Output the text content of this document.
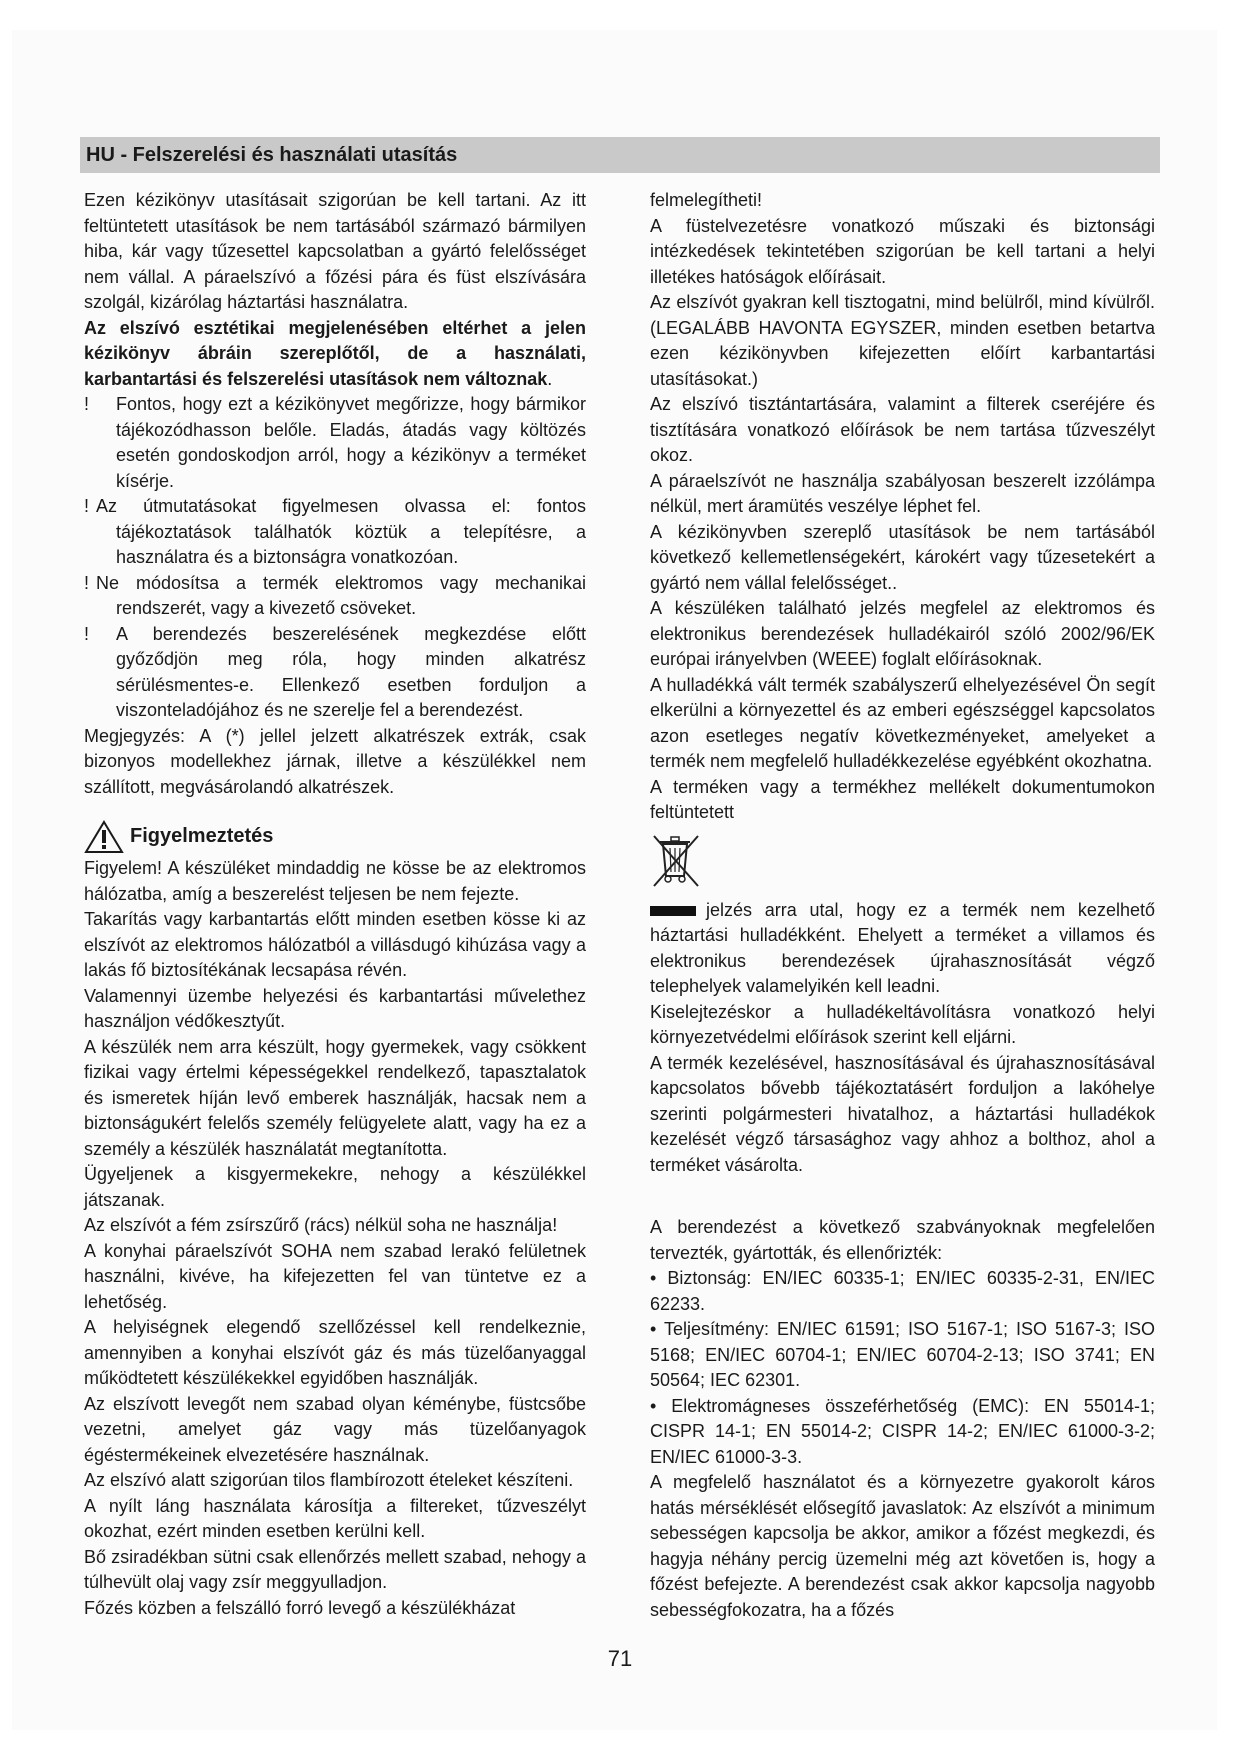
HU - Felszerelési és használati utasítás

Ezen kézikönyv utasításait szigorúan be kell tartani. Az itt feltüntetett utasítások be nem tartásából származó bármilyen hiba, kár vagy tűzesettel kapcsolatban a gyártó felelősséget nem vállal. A páraelszívó a főzési pára és füst elszívására szolgál, kizárólag háztartási használatra.

Az elszívó esztétikai megjelenésében eltérhet a jelen kézikönyv ábráin szereplőtől, de a használati, karbantartási és felszerelési utasítások nem változnak.

!	Fontos, hogy ezt a kézikönyvet megőrizze, hogy bármikor tájékozódhasson belőle. Eladás, átadás vagy költözés esetén gondoskodjon arról, hogy a kézikönyv a terméket kísérje.
! Az útmutatásokat figyelmesen olvassa el: fontos tájékoztatások találhatók köztük a telepítésre, a használatra és a biztonságra vonatkozóan.
! Ne módosítsa a termék elektromos vagy mechanikai rendszerét, vagy a kivezető csöveket.
!	A berendezés beszerelésének megkezdése előtt győződjön meg róla, hogy minden alkatrész sérülésmentes-e. Ellenkező esetben forduljon a viszonteladójához és ne szerelje fel a berendezést.

Megjegyzés: A (*) jellel jelzett alkatrészek extrák, csak bizonyos modellekhez járnak, illetve a készülékkel nem szállított, megvásárolandó alkatrészek.

Figyelmeztetés

Figyelem! A készüléket mindaddig ne kösse be az elektromos hálózatba, amíg a beszerelést teljesen be nem fejezte.

Takarítás vagy karbantartás előtt minden esetben kösse ki az elszívót az elektromos hálózatból a villásdugó kihúzása vagy a lakás fő biztosítékának lecsapása révén.

Valamennyi üzembe helyezési és karbantartási művelethez használjon védőkesztyűt.

A készülék nem arra készült, hogy gyermekek, vagy csökkent fizikai vagy értelmi képességekkel rendelkező, tapasztalatok és ismeretek híján levő emberek használják, hacsak nem a biztonságukért felelős személy felügyelete alatt, vagy ha ez a személy a készülék használatát megtanította.

Ügyeljenek a kisgyermekekre, nehogy a készülékkel játszanak.

Az elszívót a fém zsírszűrő (rács) nélkül soha ne használja!

A konyhai páraelszívót SOHA nem szabad lerakó felületnek használni, kivéve, ha kifejezetten fel van tüntetve ez a lehetőség.

A helyiségnek elegendő szellőzéssel kell rendelkeznie, amennyiben a konyhai elszívót gáz és más tüzelőanyaggal működtetett készülékekkel egyidőben használják.

Az elszívott levegőt nem szabad olyan kéménybe, füstcsőbe vezetni, amelyet gáz vagy más tüzelőanyagok égéstermékeinek elvezetésére használnak.

Az elszívó alatt szigorúan tilos flambírozott ételeket készíteni.

A nyílt láng használata károsítja a filtereket, tűzveszélyt okozhat, ezért minden esetben kerülni kell.

Bő zsiradékban sütni csak ellenőrzés mellett szabad, nehogy a túlhevült olaj vagy zsír meggyulladjon.

Főzés közben a felszálló forró levegő a készülékházat

felmelegítheti!

A füstelvezetésre vonatkozó műszaki és biztonsági intézkedések tekintetében szigorúan be kell tartani a helyi illetékes hatóságok előírásait.

Az elszívót gyakran kell tisztogatni, mind belülről, mind kívülről. (LEGALÁBB HAVONTA EGYSZER, minden esetben betartva ezen kézikönyvben kifejezetten előírt karbantartási utasításokat.)

Az elszívó tisztántartására, valamint a filterek cseréjére és tisztítására vonatkozó előírások be nem tartása tűzveszélyt okoz.

A páraelszívót ne használja szabályosan beszerelt izzólámpa nélkül, mert áramütés veszélye léphet fel.

A kézikönyvben szereplő utasítások be nem tartásából következő kellemetlenségekért, károkért vagy tűzesetekért a gyártó nem vállal felelősséget..

A készüléken található jelzés megfelel az elektromos és elektronikus berendezések hulladékairól szóló 2002/96/EK európai irányelvben (WEEE) foglalt előírásoknak.

A hulladékká vált termék szabályszerű elhelyezésével Ön segít elkerülni a környezettel és az emberi egészséggel kapcsolatos azon esetleges negatív következményeket, amelyeket a termék nem megfelelő hulladékkezelése egyébként okozhatna.

A terméken vagy a termékhez mellékelt dokumentumokon feltüntetett

jelzés arra utal, hogy ez a termék nem kezelhető háztartási hulladékként. Ehelyett a terméket a villamos és elektronikus berendezések újrahasznosítását végző telephelyek valamelyikén kell leadni.

Kiselejtezéskor a hulladékeltávolításra vonatkozó helyi környezetvédelmi előírások szerint kell eljárni.

A termék kezelésével, hasznosításával és újrahasznosításával kapcsolatos bővebb tájékoztatásért forduljon a lakóhelye szerinti polgármesteri hivatalhoz, a háztartási hulladékok kezelését végző társasághoz vagy ahhoz a bolthoz, ahol a terméket vásárolta.

A berendezést a következő szabványoknak megfelelően tervezték, gyártották, és ellenőrizték:

• Biztonság: EN/IEC 60335-1; EN/IEC 60335-2-31, EN/IEC 62233.

• Teljesítmény: EN/IEC 61591; ISO 5167-1; ISO 5167-3; ISO 5168; EN/IEC 60704-1; EN/IEC 60704-2-13; ISO 3741; EN 50564; IEC 62301.

• Elektromágneses összeférhetőség (EMC): EN 55014-1; CISPR 14-1; EN 55014-2; CISPR 14-2; EN/IEC 61000-3-2; EN/IEC 61000-3-3.

A megfelelő használatot és a környezetre gyakorolt káros hatás mérséklését elősegítő javaslatok: Az elszívót a minimum sebességen kapcsolja be akkor, amikor a főzést megkezdi, és hagyja néhány percig üzemelni még azt követően is, hogy a főzést befejezte. A berendezést csak akkor kapcsolja nagyobb sebességfokozatra, ha a főzés

71
